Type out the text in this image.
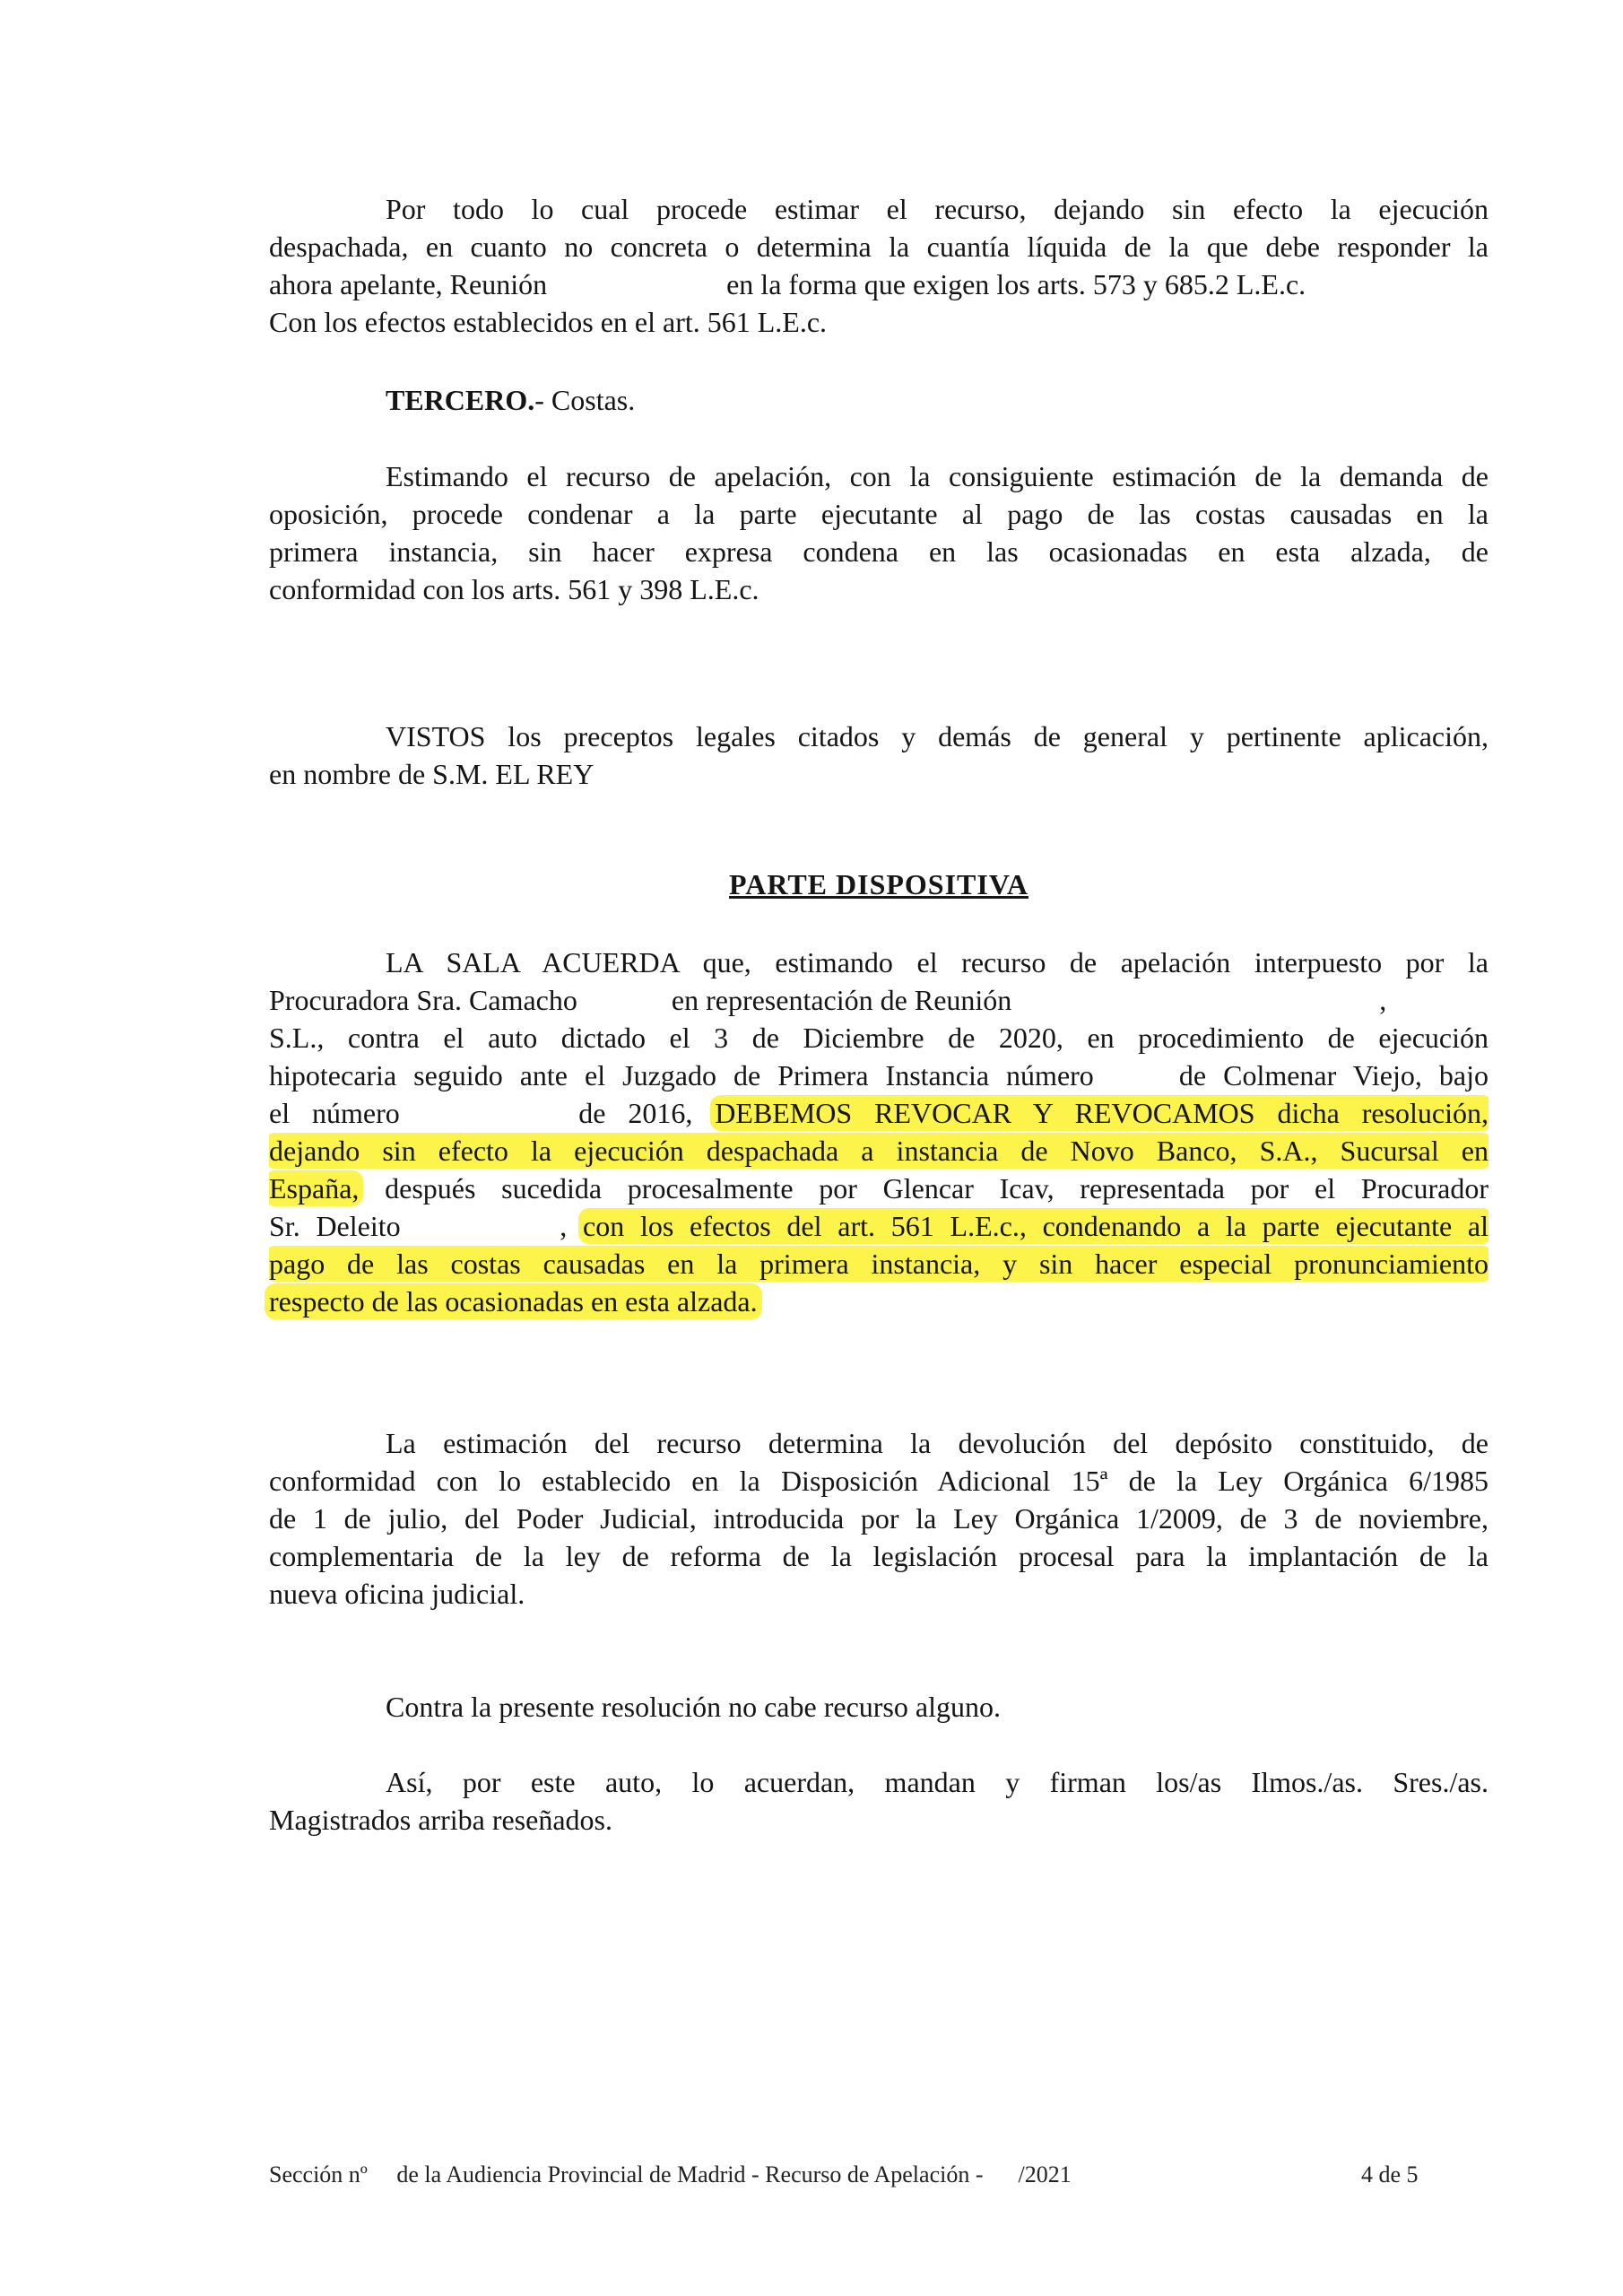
Por todo lo cual procede estimar el recurso, dejando sin efecto la ejecución
despachada, en cuanto no concreta o determina la cuantía líquida de la que debe responder la
ahora apelante, Reunión                         en la forma que exigen los arts. 573 y 685.2 L.E.c.
Con los efectos establecidos en el art. 561 L.E.c.
TERCERO.- Costas.
Estimando el recurso de apelación, con la consiguiente estimación de la demanda de
oposición, procede condenar a la parte ejecutante al pago de las costas causadas en la
primera instancia, sin hacer expresa condena en las ocasionadas en esta alzada, de
conformidad con los arts. 561 y 398 L.E.c.
VISTOS los preceptos legales citados y demás de general y pertinente aplicación,
en nombre de S.M. EL REY
PARTE DISPOSITIVA
LA SALA ACUERDA que, estimando el recurso de apelación interpuesto por la
Procuradora Sra. Camacho	en representación de Reunión	,
S.L., contra el auto dictado el 3 de Diciembre de 2020, en procedimiento de ejecución
hipotecaria seguido ante el Juzgado de Primera Instancia número     de Colmenar Viejo, bajo
el número        de 2016, DEBEMOS REVOCAR Y REVOCAMOS dicha resolución,
dejando sin efecto la ejecución despachada a instancia de Novo Banco, S.A., Sucursal en
España, después sucedida procesalmente por Glencar Icav, representada por el Procurador
Sr. Deleito          , con los efectos del art. 561 L.E.c., condenando a la parte ejecutante al
pago de las costas causadas en la primera instancia, y sin hacer especial pronunciamiento
respecto de las ocasionadas en esta alzada.
La estimación del recurso determina la devolución del depósito constituido, de
conformidad con lo establecido en la Disposición Adicional 15ª de la Ley Orgánica 6/1985
de 1 de julio, del Poder Judicial, introducida por la Ley Orgánica 1/2009, de 3 de noviembre,
complementaria de la ley de reforma de la legislación procesal para la implantación de la
nueva oficina judicial.
Contra la presente resolución no cabe recurso alguno.
Así, por este auto, lo acuerdan, mandan y firman los/as Ilmos./as. Sres./as.
Magistrados arriba reseñados.
Sección nº     de la Audiencia Provincial de Madrid - Recurso de Apelación -      /2021	4 de 5
